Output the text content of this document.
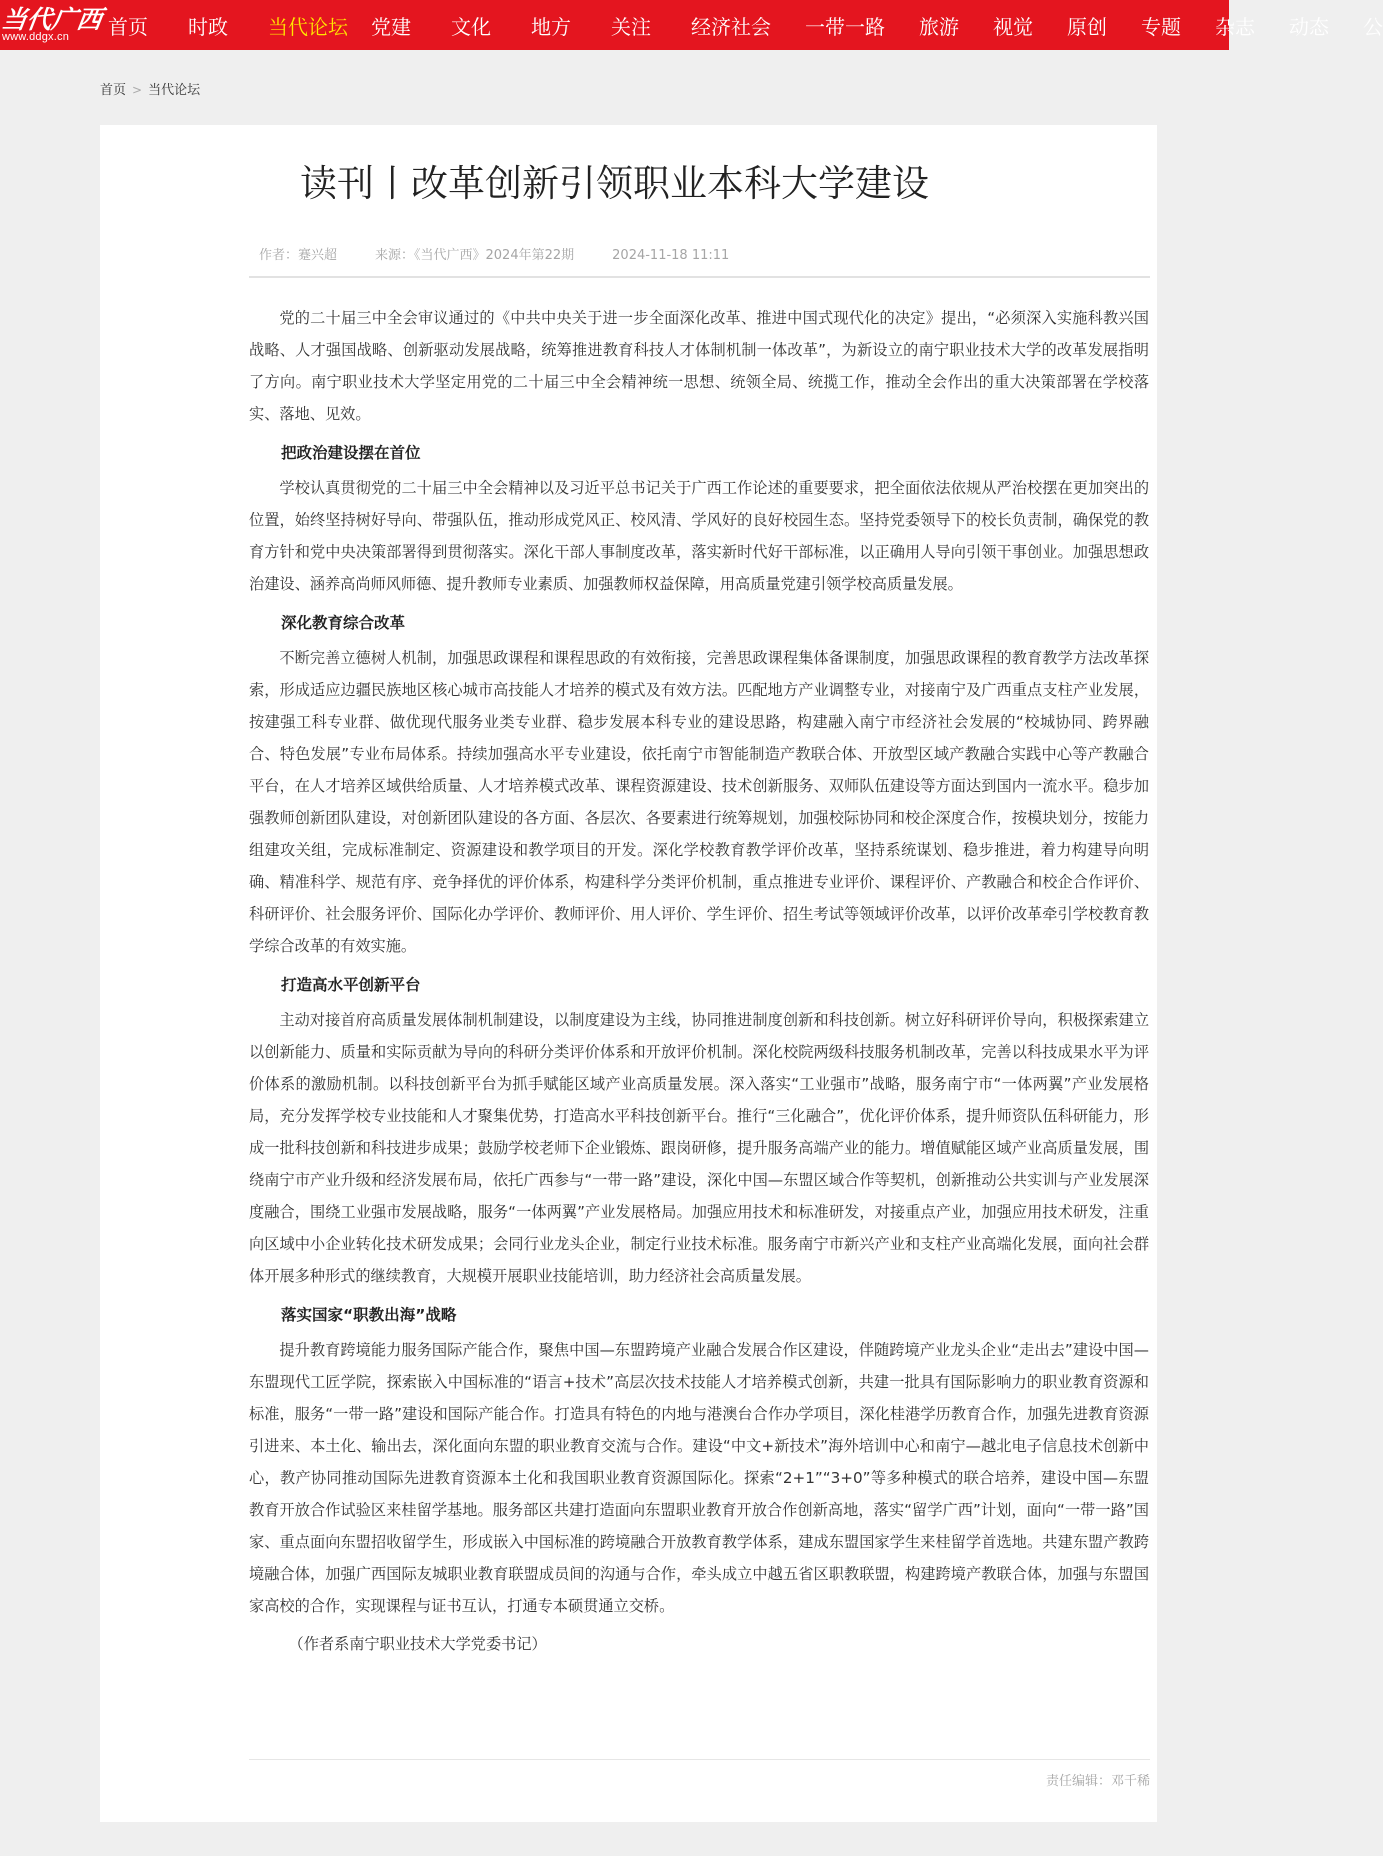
当代广西
www.ddgx.cn 首页 时政 当代论坛 党建 文化 地方 关注 经济社会 一带一路 旅游 视觉 原创 专题 杂志 动态 公
首页 > 当代论坛
读刊丨改革创新引领职业本科大学建设
作者：蹇兴超	来源：《当代广西》2024年第22期	2024-11-18 11:11

党的二十届三中全会审议通过的《中共中央关于进一步全面深化改革、推进中国式现代化的决定》提出，“必须深入实施科教兴国战略、人才强国战略、创新驱动发展战略，统筹推进教育科技人才体制机制一体改革”，为新设立的南宁职业技术大学的改革发展指明了方向。南宁职业技术大学坚定用党的二十届三中全会精神统一思想、统领全局、统揽工作，推动全会作出的重大决策部署在学校落实、落地、见效。

把政治建设摆在首位

学校认真贯彻党的二十届三中全会精神以及习近平总书记关于广西工作论述的重要要求，把全面依法依规从严治校摆在更加突出的位置，始终坚持树好导向、带强队伍，推动形成党风正、校风清、学风好的良好校园生态。坚持党委领导下的校长负责制，确保党的教育方针和党中央决策部署得到贯彻落实。深化干部人事制度改革，落实新时代好干部标准，以正确用人导向引领干事创业。加强思想政治建设、涵养高尚师风师德、提升教师专业素质、加强教师权益保障，用高质量党建引领学校高质量发展。

深化教育综合改革

不断完善立德树人机制，加强思政课程和课程思政的有效衔接，完善思政课程集体备课制度，加强思政课程的教育教学方法改革探索，形成适应边疆民族地区核心城市高技能人才培养的模式及有效方法。匹配地方产业调整专业，对接南宁及广西重点支柱产业发展，按建强工科专业群、做优现代服务业类专业群、稳步发展本科专业的建设思路，构建融入南宁市经济社会发展的“校城协同、跨界融合、特色发展”专业布局体系。持续加强高水平专业建设，依托南宁市智能制造产教联合体、开放型区域产教融合实践中心等产教融合平台，在人才培养区域供给质量、人才培养模式改革、课程资源建设、技术创新服务、双师队伍建设等方面达到国内一流水平。稳步加强教师创新团队建设，对创新团队建设的各方面、各层次、各要素进行统筹规划，加强校际协同和校企深度合作，按模块划分，按能力组建攻关组，完成标准制定、资源建设和教学项目的开发。深化学校教育教学评价改革，坚持系统谋划、稳步推进，着力构建导向明确、精准科学、规范有序、竞争择优的评价体系，构建科学分类评价机制，重点推进专业评价、课程评价、产教融合和校企合作评价、科研评价、社会服务评价、国际化办学评价、教师评价、用人评价、学生评价、招生考试等领域评价改革，以评价改革牵引学校教育教学综合改革的有效实施。

打造高水平创新平台

主动对接首府高质量发展体制机制建设，以制度建设为主线，协同推进制度创新和科技创新。树立好科研评价导向，积极探索建立以创新能力、质量和实际贡献为导向的科研分类评价体系和开放评价机制。深化校院两级科技服务机制改革，完善以科技成果水平为评价体系的激励机制。以科技创新平台为抓手赋能区域产业高质量发展。深入落实“工业强市”战略，服务南宁市“一体两翼”产业发展格局，充分发挥学校专业技能和人才聚集优势，打造高水平科技创新平台。推行“三化融合”，优化评价体系，提升师资队伍科研能力，形成一批科技创新和科技进步成果；鼓励学校老师下企业锻炼、跟岗研修，提升服务高端产业的能力。增值赋能区域产业高质量发展，围绕南宁市产业升级和经济发展布局，依托广西参与“一带一路”建设，深化中国—东盟区域合作等契机，创新推动公共实训与产业发展深度融合，围绕工业强市发展战略，服务“一体两翼”产业发展格局。加强应用技术和标准研发，对接重点产业，加强应用技术研发，注重向区域中小企业转化技术研发成果；会同行业龙头企业，制定行业技术标准。服务南宁市新兴产业和支柱产业高端化发展，面向社会群体开展多种形式的继续教育，大规模开展职业技能培训，助力经济社会高质量发展。

落实国家“职教出海”战略

提升教育跨境能力服务国际产能合作，聚焦中国—东盟跨境产业融合发展合作区建设，伴随跨境产业龙头企业“走出去”建设中国—东盟现代工匠学院，探索嵌入中国标准的“语言+技术”高层次技术技能人才培养模式创新，共建一批具有国际影响力的职业教育资源和标准，服务“一带一路”建设和国际产能合作。打造具有特色的内地与港澳台合作办学项目，深化桂港学历教育合作，加强先进教育资源引进来、本土化、输出去，深化面向东盟的职业教育交流与合作。建设“中文+新技术”海外培训中心和南宁—越北电子信息技术创新中心，教产协同推动国际先进教育资源本土化和我国职业教育资源国际化。探索“2+1”“3+0”等多种模式的联合培养，建设中国—东盟教育开放合作试验区来桂留学基地。服务部区共建打造面向东盟职业教育开放合作创新高地，落实“留学广西”计划，面向“一带一路”国家、重点面向东盟招收留学生，形成嵌入中国标准的跨境融合开放教育教学体系，建成东盟国家学生来桂留学首选地。共建东盟产教跨境融合体，加强广西国际友城职业教育联盟成员间的沟通与合作，牵头成立中越五省区职教联盟，构建跨境产教联合体，加强与东盟国家高校的合作，实现课程与证书互认，打通专本硕贯通立交桥。

（作者系南宁职业技术大学党委书记）

责任编辑：邓千稀
